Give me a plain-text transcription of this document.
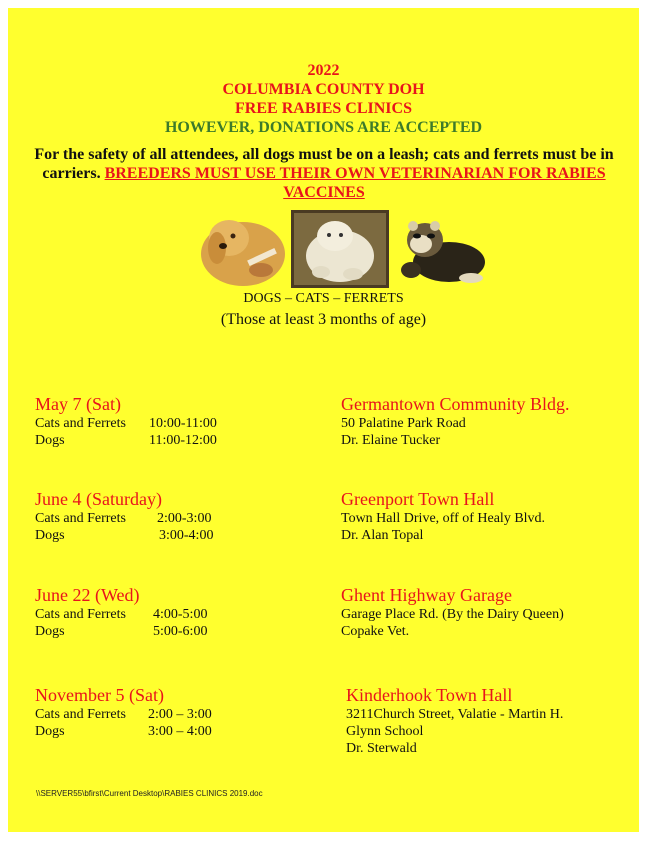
2022
COLUMBIA COUNTY DOH
FREE RABIES CLINICS
HOWEVER, DONATIONS ARE ACCEPTED
For the safety of all attendees, all dogs must be on a leash; cats and ferrets must be in carriers. BREEDERS MUST USE THEIR OWN VETERINARIAN FOR RABIES VACCINES
DOGS – CATS – FERRETS
(Those at least 3 months of age)
May 7 (Sat)
Cats and Ferrets 10:00-11:00
Dogs	11:00-12:00
Germantown Community Bldg.
50 Palatine Park Road
Dr. Elaine Tucker
June 4 (Saturday)
Cats and Ferrets 2:00-3:00
Dogs	3:00-4:00
Greenport Town Hall
Town Hall Drive, off of Healy Blvd.
Dr. Alan Topal
June 22 (Wed)
Cats and Ferrets 4:00-5:00
Dogs	5:00-6:00
Ghent Highway Garage
Garage Place Rd. (By the Dairy Queen)
Copake Vet.
November 5 (Sat)
Cats and Ferrets 2:00 – 3:00
Dogs	3:00 – 4:00
Kinderhook Town Hall
3211Church Street, Valatie - Martin H.
Glynn School
Dr. Sterwald
\\SERVER55\bfirst\Current Desktop\RABIES CLINICS 2019.doc
